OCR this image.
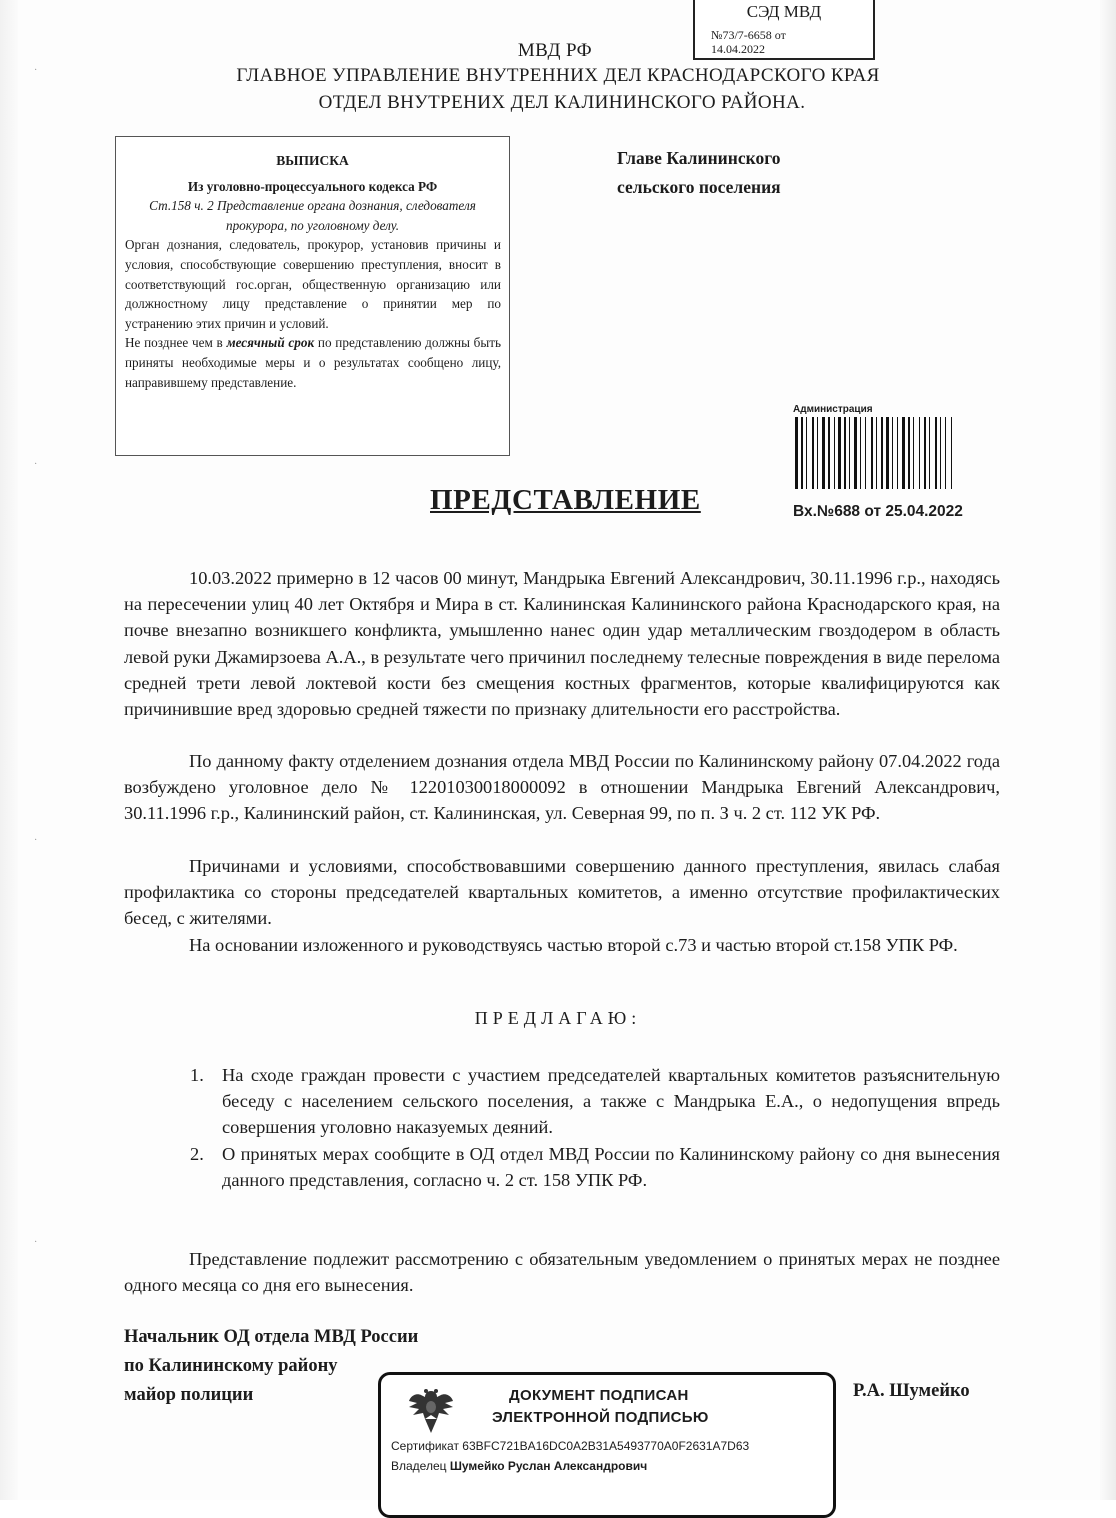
·
·
·
·
СЭД МВД
№73/7-6658 от
14.04.2022
МВД РФ
ГЛАВНОЕ УПРАВЛЕНИЕ ВНУТРЕННИХ ДЕЛ КРАСНОДАРСКОГО КРАЯ
ОТДЕЛ ВНУТРЕНИХ ДЕЛ КАЛИНИНСКОГО РАЙОНА.
ВЫПИСКА
Из уголовно-процессуального кодекса РФ
Ст.158 ч. 2 Представление органа дознания, следователя прокурора, по уголовному делу.
Орган дознания, следователь, прокурор, установив причины и условия, способствующие совершению преступления, вносит в соответствующий гос.орган, общественную организацию или должностному лицу представление о принятии мер по устранению этих причин и условий.
Не позднее чем в месячный срок по представлению должны быть приняты необходимые меры и о результатах сообщено лицу, направившему представление.
Главе Калининского
сельского поселения
Администрация
Вх.№688 от 25.04.2022
ПРЕДСТАВЛЕНИЕ
10.03.2022 примерно в 12 часов 00 минут, Мандрыка Евгений Александрович, 30.11.1996 г.р., находясь на пересечении улиц 40 лет Октября и Мира в ст. Калининская Калининского района Краснодарского края, на почве внезапно возникшего конфликта, умышленно нанес один удар металлическим гвоздодером в область левой руки Джамирзоева А.А., в результате чего причинил последнему телесные повреждения в виде перелома средней трети левой локтевой кости без смещения костных фрагментов, которые квалифицируются как причинившие вред здоровью средней тяжести по признаку длительности его расстройства.
По данному факту отделением дознания отдела МВД России по Калининскому району 07.04.2022 года возбуждено уголовное дело № 12201030018000092 в отношении Мандрыка Евгений Александрович, 30.11.1996 г.р., Калининский район, ст. Калининская, ул. Северная 99, по п. З ч. 2 ст. 112 УК РФ.
Причинами и условиями, способствовавшими совершению данного преступления, явилась слабая профилактика со стороны председателей квартальных комитетов, а именно отсутствие профилактических бесед, с жителями.
На основании изложенного и руководствуясь частью второй с.73 и частью второй ст.158 УПК РФ.
ПРЕДЛАГАЮ:
1. На сходе граждан провести с участием председателей квартальных комитетов разъяснительную беседу с населением сельского поселения, а также с Мандрыка Е.А., о недопущения впредь совершения уголовно наказуемых деяний.
2. О принятых мерах сообщите в ОД отдел МВД России по Калининскому району со дня вынесения данного представления, согласно ч. 2 ст. 158 УПК РФ.
Представление подлежит рассмотрению с обязательным уведомлением о принятых мерах не позднее одного месяца со дня его вынесения.
Начальник ОД отдела МВД России
по Калининскому району
майор полиции	Р.А. Шумейко
ДОКУМЕНТ ПОДПИСАН
ЭЛЕКТРОННОЙ ПОДПИСЬЮ
Сертификат 63BFC721BA16DC0A2B31A5493770A0F2631A7D63
Владелец Шумейко Руслан Александрович
